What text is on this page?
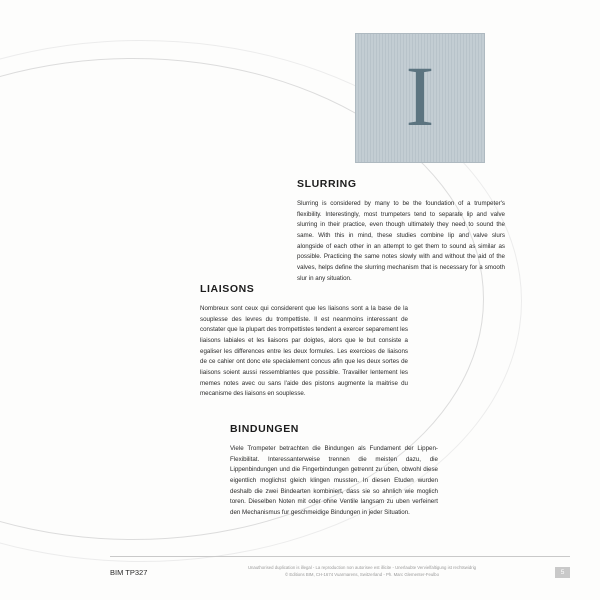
I
SLURRING

Slurring is considered by many to be the foundation of a trumpeter's flexibility. Interestingly, most trumpeters tend to separate lip and valve slurring in their practice, even though ultimately they need to sound the same. With this in mind, these studies combine lip and valve slurs alongside of each other in an attempt to get them to sound as similar as possible. Practicing the same notes slowly with and without the aid of the valves, helps define the slurring mechanism that is necessary for a smooth slur in any situation.

LIAISONS

Nombreux sont ceux qui considerent que les liaisons sont a la base de la souplesse des levres du trompettiste. Il est neanmoins interessant de constater que la plupart des trompettistes tendent a exercer separement les liaisons labiales et les liaisons par doigtes, alors que le but consiste a egaliser les differences entre les deux formules. Les exercices de liaisons de ce cahier ont donc ete specialement concus afin que les deux sortes de liaisons soient aussi ressemblantes que possible. Travailler lentement les memes notes avec ou sans l'aide des pistons augmente la maitrise du mecanisme des liaisons en souplesse.

BINDUNGEN

Viele Trompeter betrachten die Bindungen als Fundament der Lippen-Flexibilitat. Interessanterweise trennen die meisten dazu, die Lippenbindungen und die Fingerbindungen getrennt zu uben, obwohl diese eigentlich moglichst gleich klingen mussten. In diesen Etuden wurden deshalb die zwei Bindearten kombiniert, dass sie so ahnlich wie moglich toren. Dieselben Noten mit oder ohne Ventile langsam zu uben verfeinert den Mechanismus fur geschmeidige Bindungen in jeder Situation.

BIM TP327	Unauthorised duplication is illegal - La reproduction non autorisee est illicite - Unerlaubte Vervielfaltigung ist rechtswidrig
© Editions BIM, CH-1674 Vuarmarens, Switzerland - Ph. Marc Glementer-Feulbo	5
